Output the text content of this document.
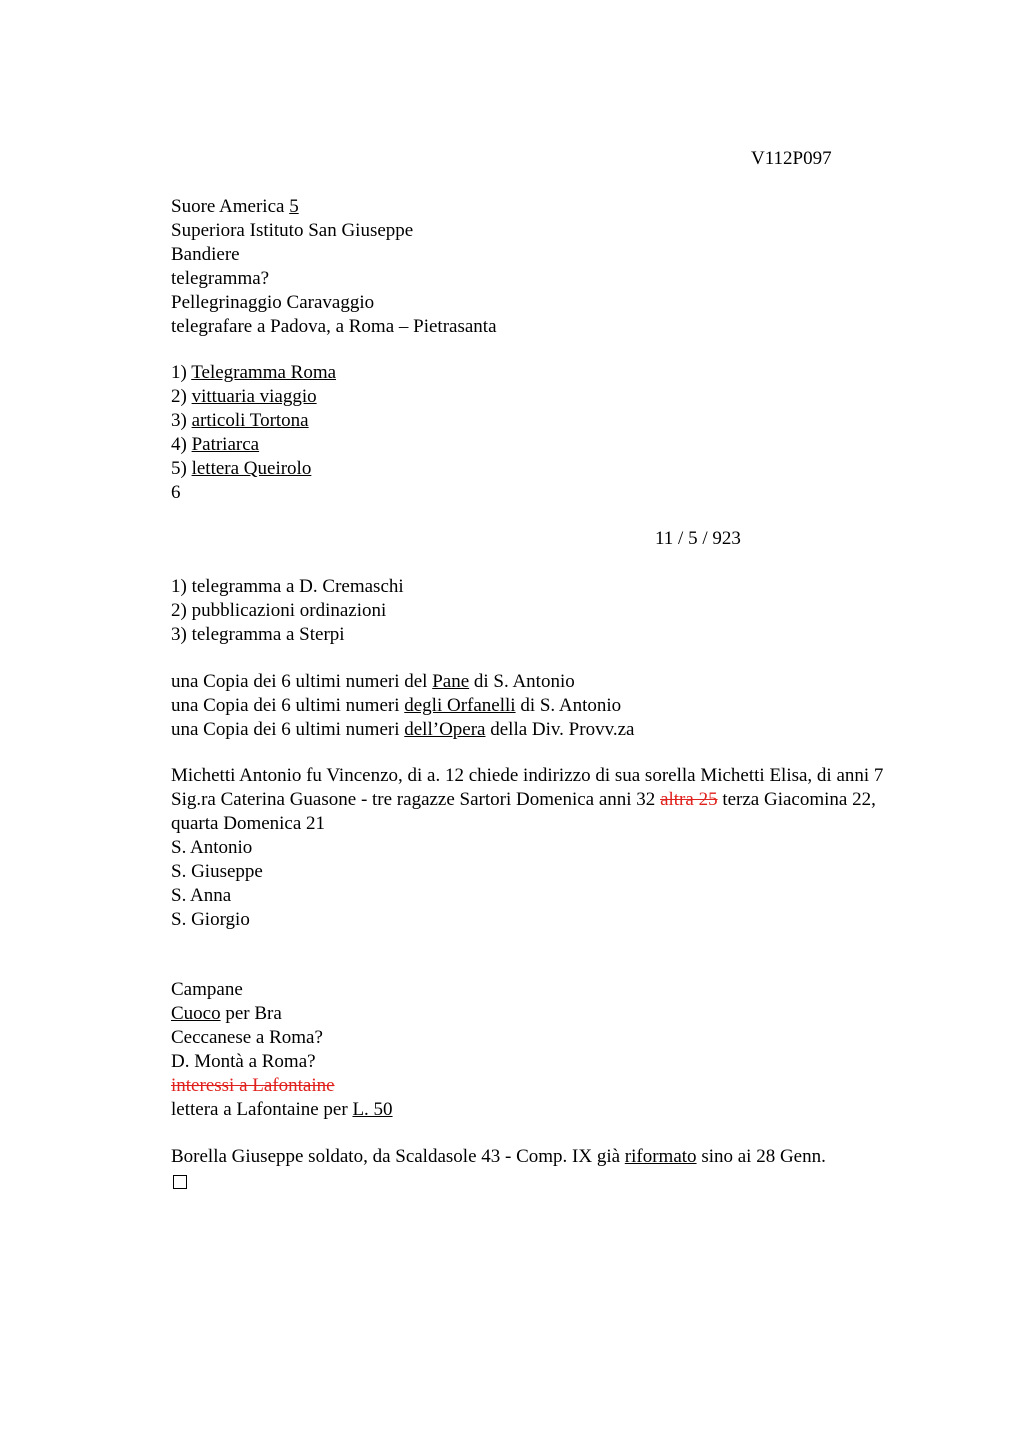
V112P097
Suore America 5
Superiora Istituto San Giuseppe
Bandiere
telegramma?
Pellegrinaggio Caravaggio
telegrafare a Padova, a Roma – Pietrasanta
1) Telegramma Roma
2) vittuaria viaggio
3) articoli Tortona
4) Patriarca
5) lettera Queirolo
6
11 / 5 / 923
1) telegramma a D. Cremaschi
2) pubblicazioni ordinazioni
3) telegramma a Sterpi
una Copia dei 6 ultimi numeri del Pane di S. Antonio
una Copia dei 6 ultimi numeri degli Orfanelli di S. Antonio
una Copia dei 6 ultimi numeri dell’Opera della Div. Provv.za
Michetti Antonio fu Vincenzo, di a. 12 chiede indirizzo di sua sorella Michetti Elisa, di anni 7
Sig.ra Caterina Guasone - tre ragazze Sartori Domenica anni 32 altra 25 terza Giacomina 22, quarta Domenica 21
S. Antonio
S. Giuseppe
S. Anna
S. Giorgio
Campane
Cuoco per Bra
Ceccanese a Roma?
D. Montà a Roma?
interessi a Lafontaine
lettera a Lafontaine per L. 50
Borella Giuseppe soldato, da Scaldasole 43 - Comp. IX già riformato sino ai 28 Genn.
